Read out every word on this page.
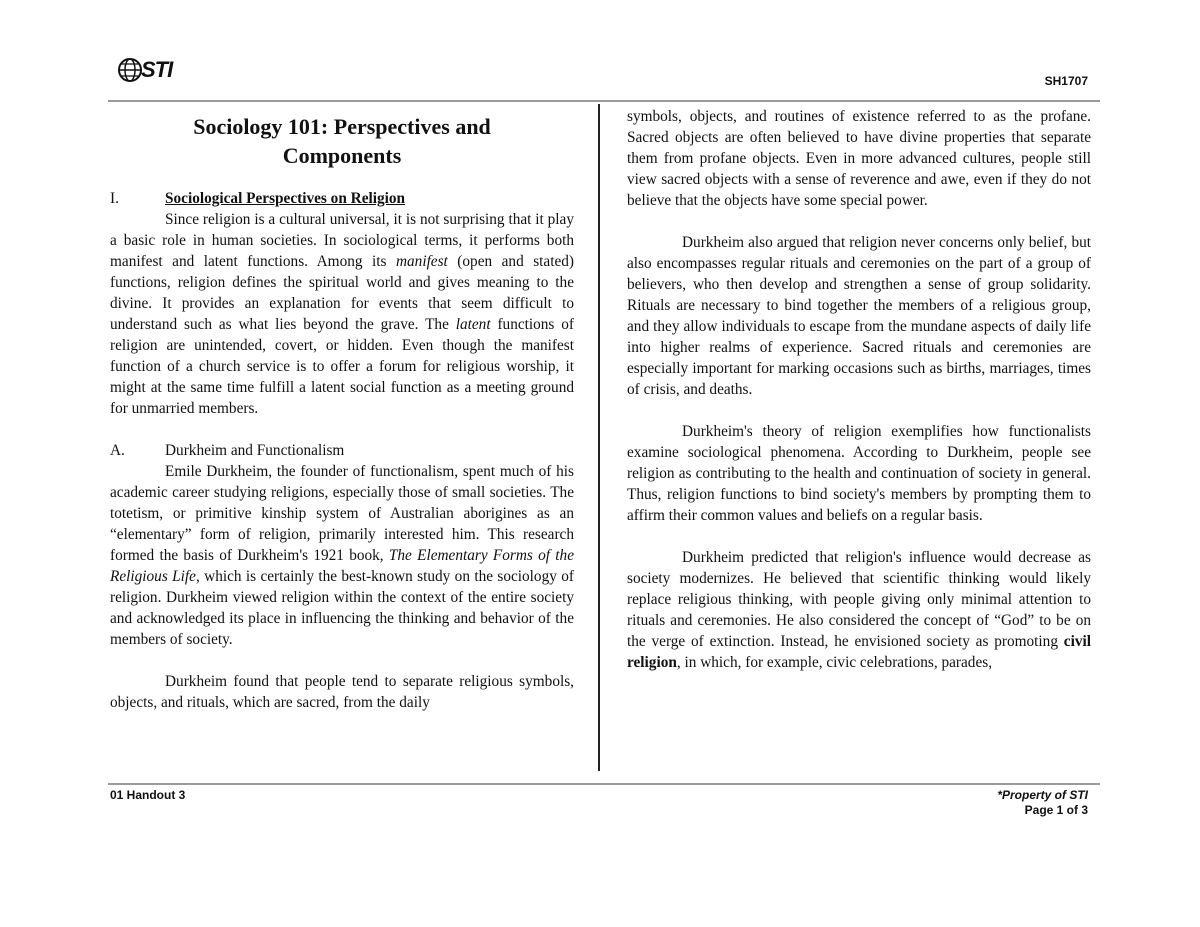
STI	SH1707
Sociology 101: Perspectives and
Components
I.	Sociological Perspectives on Religion

Since religion is a cultural universal, it is not surprising that it play a basic role in human societies. In sociological terms, it performs both manifest and latent functions. Among its manifest (open and stated) functions, religion defines the spiritual world and gives meaning to the divine. It provides an explanation for events that seem difficult to understand such as what lies beyond the grave. The latent functions of religion are unintended, covert, or hidden. Even though the manifest function of a church service is to offer a forum for religious worship, it might at the same time fulfill a latent social function as a meeting ground for unmarried members.

A.	Durkheim and Functionalism

Emile Durkheim, the founder of functionalism, spent much of his academic career studying religions, especially those of small societies. The totetism, or primitive kinship system of Australian aborigines as an “elementary” form of religion, primarily interested him. This research formed the basis of Durkheim's 1921 book, The Elementary Forms of the Religious Life, which is certainly the best-known study on the sociology of religion. Durkheim viewed religion within the context of the entire society and acknowledged its place in influencing the thinking and behavior of the members of society.

Durkheim found that people tend to separate religious symbols, objects, and rituals, which are sacred, from the daily

symbols, objects, and routines of existence referred to as the profane. Sacred objects are often believed to have divine properties that separate them from profane objects. Even in more advanced cultures, people still view sacred objects with a sense of reverence and awe, even if they do not believe that the objects have some special power.

Durkheim also argued that religion never concerns only belief, but also encompasses regular rituals and ceremonies on the part of a group of believers, who then develop and strengthen a sense of group solidarity. Rituals are necessary to bind together the members of a religious group, and they allow individuals to escape from the mundane aspects of daily life into higher realms of experience. Sacred rituals and ceremonies are especially important for marking occasions such as births, marriages, times of crisis, and deaths.

Durkheim's theory of religion exemplifies how functionalists examine sociological phenomena. According to Durkheim, people see religion as contributing to the health and continuation of society in general. Thus, religion functions to bind society's members by prompting them to affirm their common values and beliefs on a regular basis.

Durkheim predicted that religion's influence would decrease as society modernizes. He believed that scientific thinking would likely replace religious thinking, with people giving only minimal attention to rituals and ceremonies. He also considered the concept of “God” to be on the verge of extinction. Instead, he envisioned society as promoting civil religion, in which, for example, civic celebrations, parades,

01 Handout 3	*Property of STI
Page 1 of 3
